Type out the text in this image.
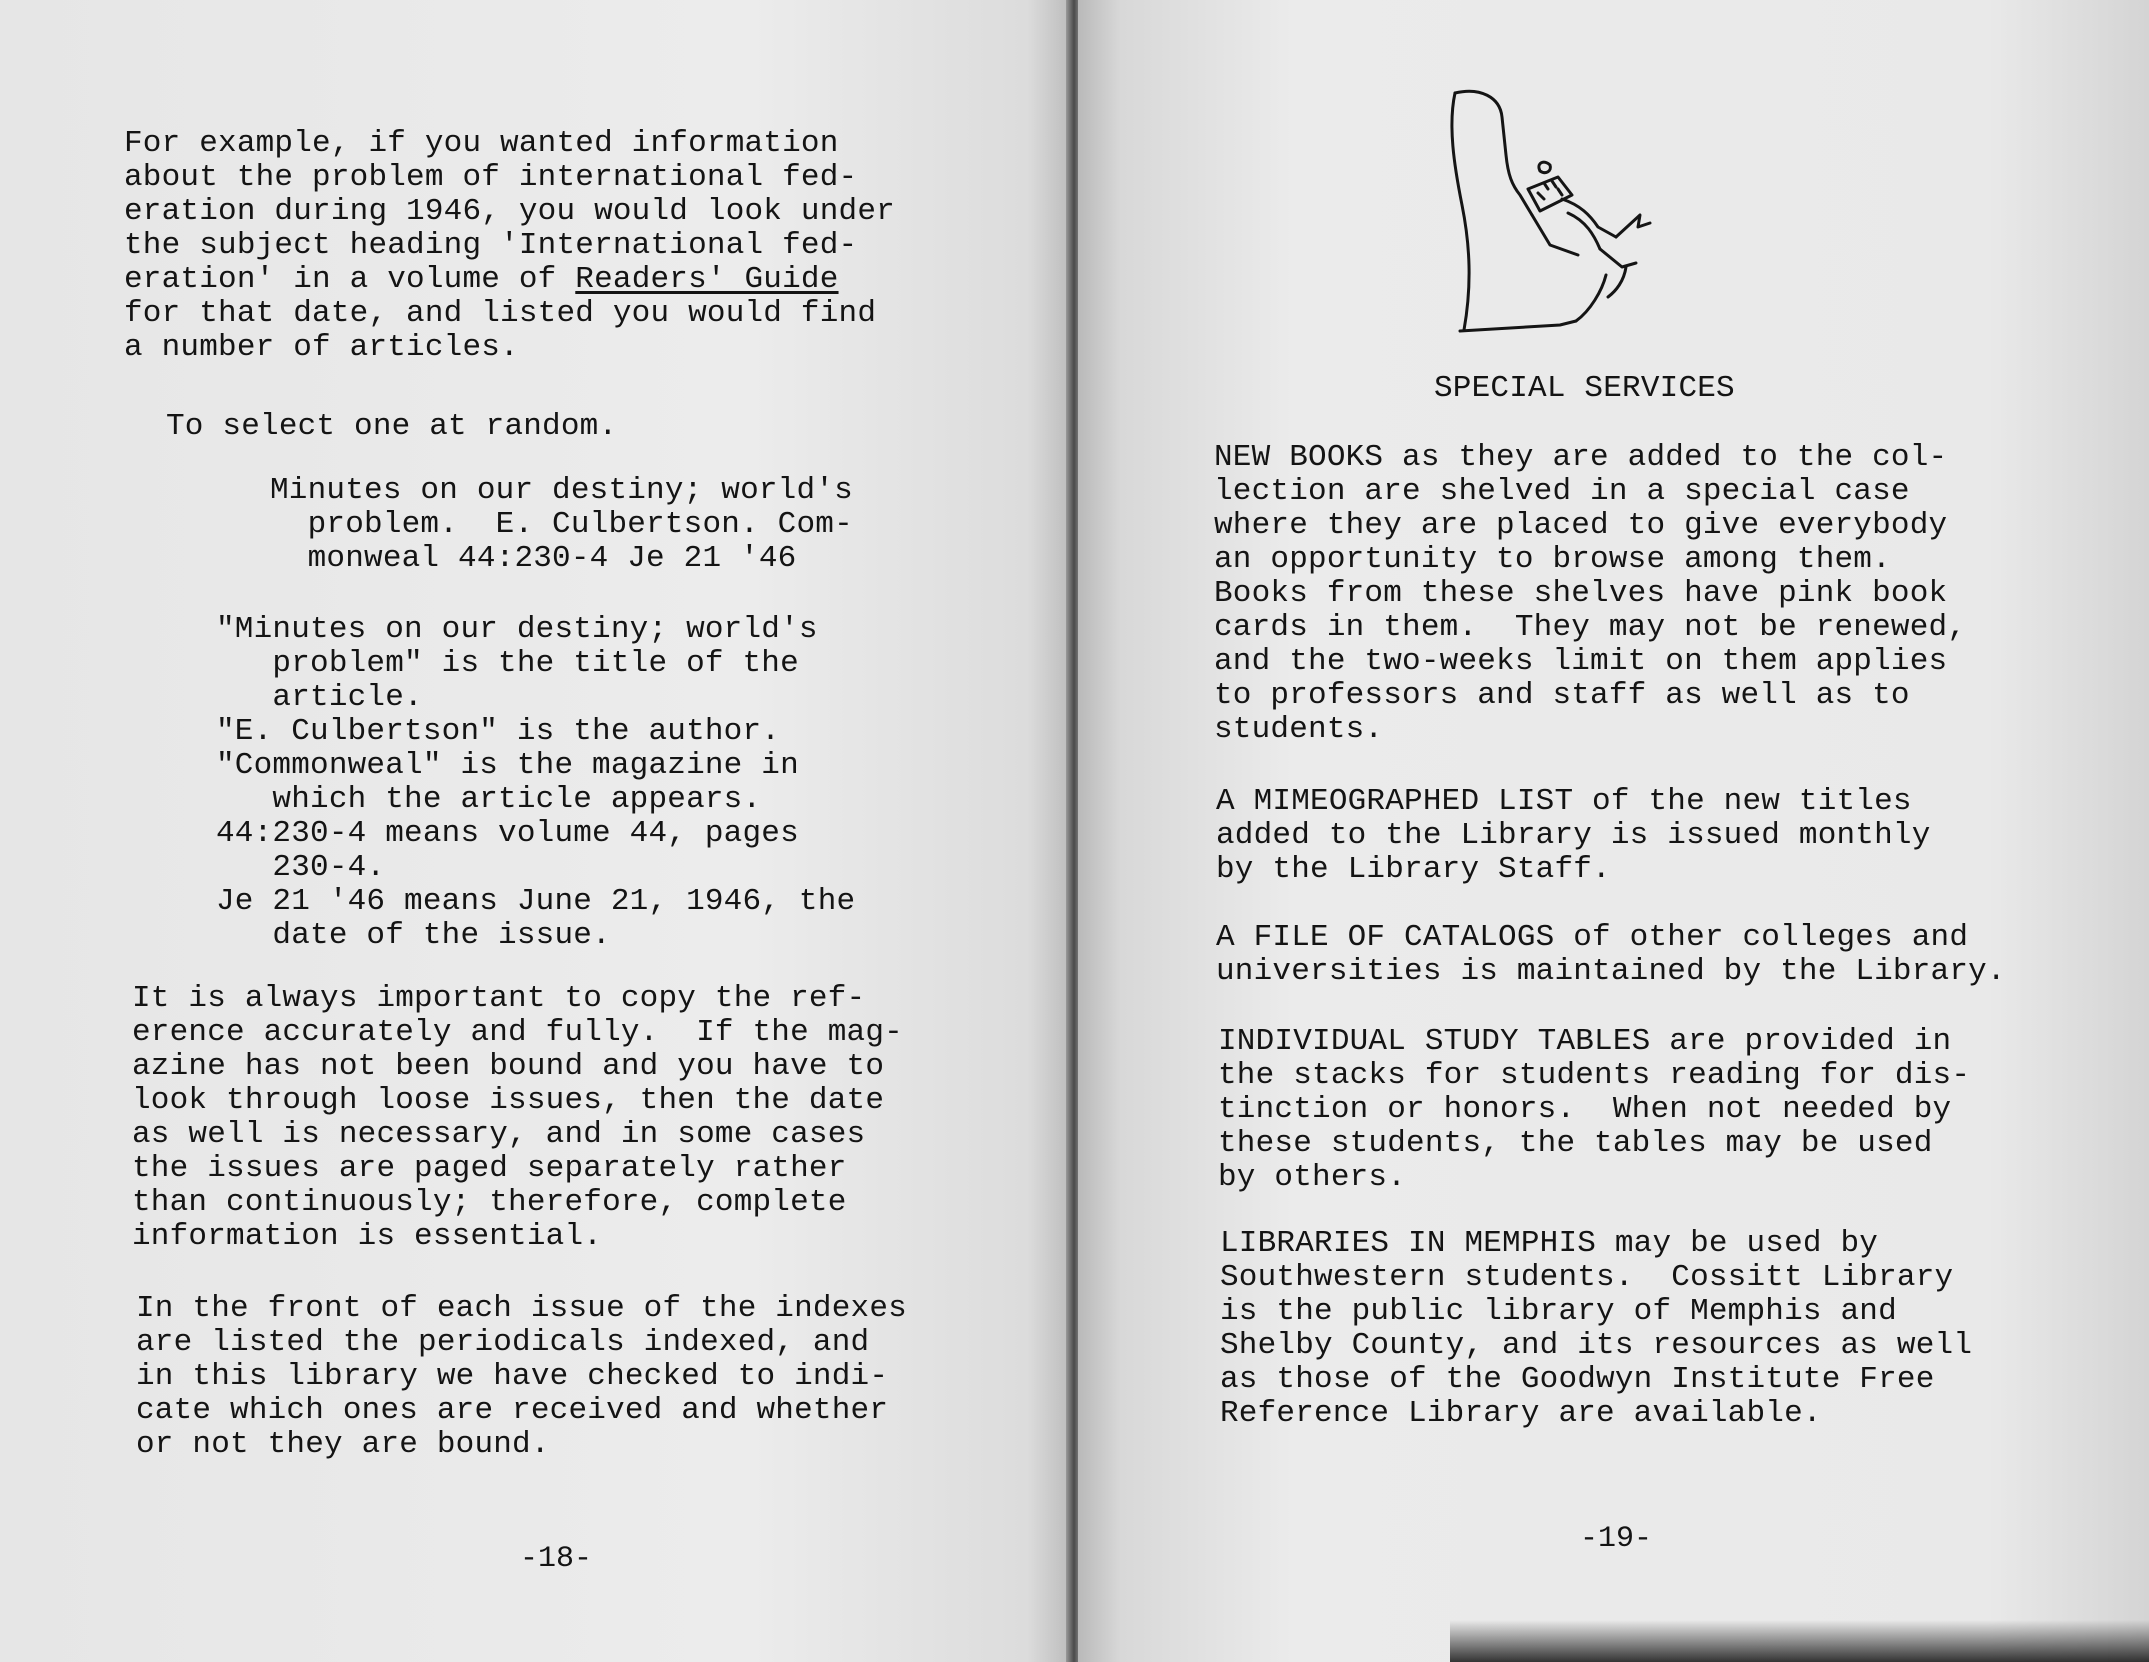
For example, if you wanted information
about the problem of international fed-
eration during 1946, you would look under
the subject heading 'International fed-
eration' in a volume of Readers' Guide
for that date, and listed you would find
a number of articles.
To select one at random.
Minutes on our destiny; world's
problem.  E. Culbertson. Com-
monweal 44:230-4 Je 21 '46
"Minutes on our destiny; world's
problem" is the title of the
article.
"E. Culbertson" is the author.
"Commonweal" is the magazine in
which the article appears.
44:230-4 means volume 44, pages
230-4.
Je 21 '46 means June 21, 1946, the
date of the issue.
It is always important to copy the ref-
erence accurately and fully.  If the mag-
azine has not been bound and you have to
look through loose issues, then the date
as well is necessary, and in some cases
the issues are paged separately rather
than continuously; therefore, complete
information is essential.
In the front of each issue of the indexes
are listed the periodicals indexed, and
in this library we have checked to indi-
cate which ones are received and whether
or not they are bound.
-18-
SPECIAL SERVICES
NEW BOOKS as they are added to the col-
lection are shelved in a special case
where they are placed to give everybody
an opportunity to browse among them.
Books from these shelves have pink book
cards in them.  They may not be renewed,
and the two-weeks limit on them applies
to professors and staff as well as to
students.
A MIMEOGRAPHED LIST of the new titles
added to the Library is issued monthly
by the Library Staff.
A FILE OF CATALOGS of other colleges and
universities is maintained by the Library.
INDIVIDUAL STUDY TABLES are provided in
the stacks for students reading for dis-
tinction or honors.  When not needed by
these students, the tables may be used
by others.
LIBRARIES IN MEMPHIS may be used by
Southwestern students.  Cossitt Library
is the public library of Memphis and
Shelby County, and its resources as well
as those of the Goodwyn Institute Free
Reference Library are available.
-19-
